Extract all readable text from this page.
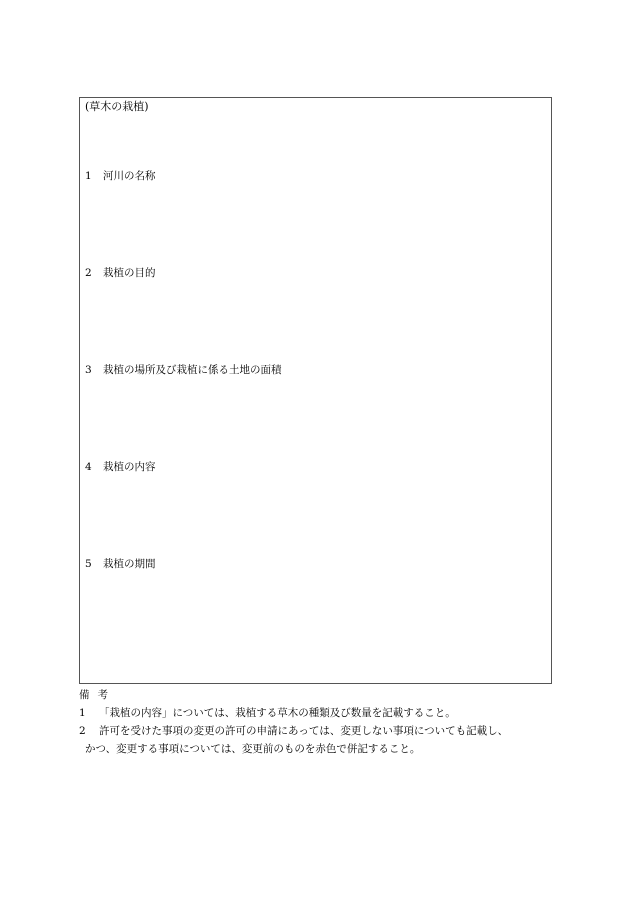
(草木の栽植)
1 河川の名称
2 栽植の目的
3 栽植の場所及び栽植に係る土地の面積
4 栽植の内容
5 栽植の期間
備考
1 「栽植の内容」については、栽植する草木の種類及び数量を記載すること。
2 許可を受けた事項の変更の許可の申請にあっては、変更しない事項についても記載し、
かつ、変更する事項については、変更前のものを赤色で併記すること。
